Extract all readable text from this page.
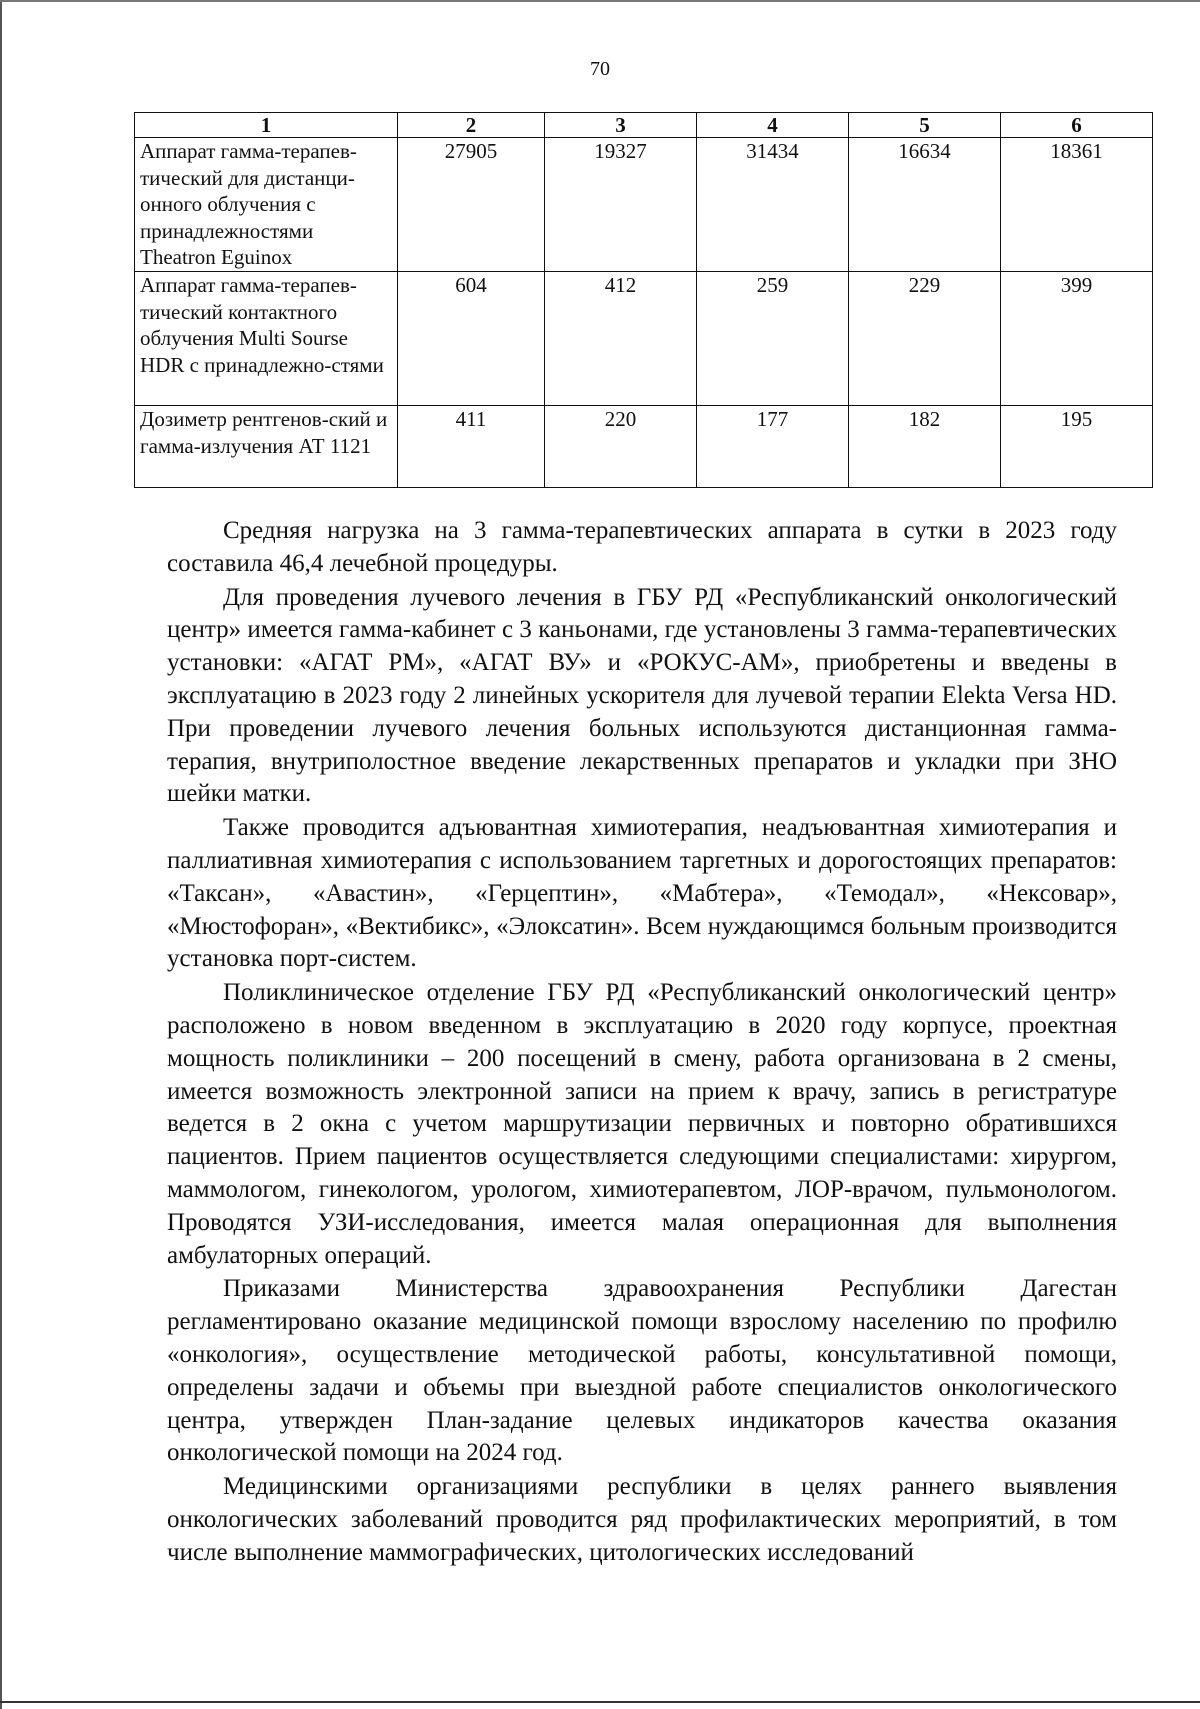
70
1	2	3	4	5	6
Аппарат гамма-терапев-тический для дистанци-онного облучения с принадлежностями Theatron Eguinox	27905	19327	31434	16634	18361
Аппарат гамма-терапев-тический контактного облучения Multi Sourse HDR с принадлежно-стями	604	412	259	229	399
Дозиметр рентгенов-ский и гамма-излучения АТ 1121	411	220	177	182	195

Средняя нагрузка на 3 гамма-терапевтических аппарата в сутки в 2023 году составила 46,4 лечебной процедуры.

Для проведения лучевого лечения в ГБУ РД «Республиканский онкологический центр» имеется гамма-кабинет с 3 каньонами, где установлены 3 гамма-терапевтических установки: «АГАТ РМ», «АГАТ ВУ» и «РОКУС-АМ», приобретены и введены в эксплуатацию в 2023 году 2 линейных ускорителя для лучевой терапии Elekta Versa HD. При проведении лучевого лечения больных используются дистанционная гамма-терапия, внутриполостное введение лекарственных препаратов и укладки при ЗНО шейки матки.

Также проводится адъювантная химиотерапия, неадъювантная химиотерапия и паллиативная химиотерапия с использованием таргетных и дорогостоящих препаратов: «Таксан», «Авастин», «Герцептин», «Мабтера», «Темодал», «Нексовар», «Мюстофоран», «Вектибикс», «Элоксатин». Всем нуждающимся больным производится установка порт-систем.

Поликлиническое отделение ГБУ РД «Республиканский онкологический центр» расположено в новом введенном в эксплуатацию в 2020 году корпусе, проектная мощность поликлиники – 200 посещений в смену, работа организована в 2 смены, имеется возможность электронной записи на прием к врачу, запись в регистратуре ведется в 2 окна с учетом маршрутизации первичных и повторно обратившихся пациентов. Прием пациентов осуществляется следующими специалистами: хирургом, маммологом, гинекологом, урологом, химиотерапевтом, ЛОР-врачом, пульмонологом. Проводятся УЗИ-исследования, имеется малая операционная для выполнения амбулаторных операций.

Приказами Министерства здравоохранения Республики Дагестан регламентировано оказание медицинской помощи взрослому населению по профилю «онкология», осуществление методической работы, консультативной помощи, определены задачи и объемы при выездной работе специалистов онкологического центра, утвержден План-задание целевых индикаторов качества оказания онкологической помощи на 2024 год.

Медицинскими организациями республики в целях раннего выявления онкологических заболеваний проводится ряд профилактических мероприятий, в том числе выполнение маммографических, цитологических исследований
